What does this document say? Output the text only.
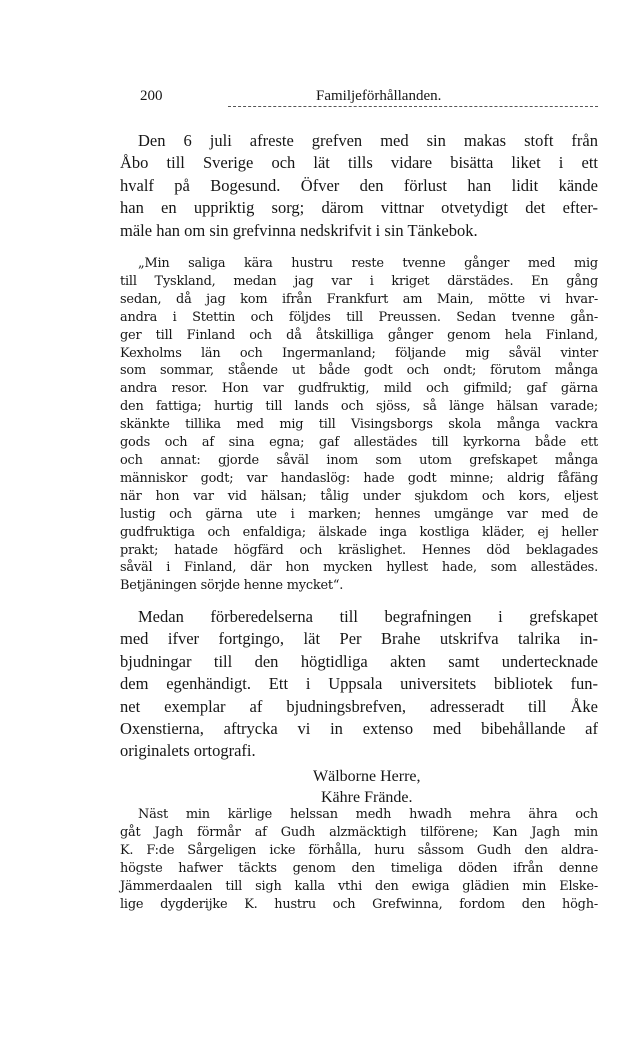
200	Familjeförhållanden.

Den 6 juli afreste grefven med sin makas stoft från
Åbo till Sverige och lät tills vidare bisätta liket i ett
hvalf på Bogesund. Öfver den förlust han lidit kände
han en uppriktig sorg; därom vittnar otvetydigt det efter-
mäle han om sin grefvinna nedskrifvit i sin Tänkebok.

„Min saliga kära hustru reste tvenne gånger med mig
till Tyskland, medan jag var i kriget därstädes. En gång
sedan, då jag kom ifrån Frankfurt am Main, mötte vi hvar-
andra i Stettin och följdes till Preussen. Sedan tvenne gån-
ger till Finland och då åtskilliga gånger genom hela Finland,
Kexholms län och Ingermanland; följande mig såväl vinter
som sommar, stående ut både godt och ondt; förutom många
andra resor. Hon var gudfruktig, mild och gifmild; gaf gärna
den fattiga; hurtig till lands och sjöss, så länge hälsan varade;
skänkte tillika med mig till Visingsborgs skola många vackra
gods och af sina egna; gaf allestädes till kyrkorna både ett
och annat: gjorde såväl inom som utom grefskapet många
människor godt; var handaslög: hade godt minne; aldrig fåfäng
när hon var vid hälsan; tålig under sjukdom och kors, eljest
lustig och gärna ute i marken; hennes umgänge var med de
gudfruktiga och enfaldiga; älskade inga kostliga kläder, ej heller
prakt; hatade högfärd och kräslighet. Hennes död beklagades
såväl i Finland, där hon mycken hyllest hade, som allestädes.
Betjäningen sörjde henne mycket“.

Medan förberedelserna till begrafningen i grefskapet
med ifver fortgingo, lät Per Brahe utskrifva talrika in-
bjudningar till den högtidliga akten samt undertecknade
dem egenhändigt. Ett i Uppsala universitets bibliotek fun-
net exemplar af bjudningsbrefven, adresseradt till Åke
Oxenstierna, aftrycka vi in extenso med bibehållande af
originalets ortografi.

Wälborne Herre,
Kähre Frände.

Näst min kärlige helssan medh hwadh mehra ähra och
gåt Jagh förmår af Gudh alzmäcktigh tilförene; Kan Jagh min
K. F:de Sårgeligen icke förhålla, huru såssom Gudh den aldra-
högste hafwer täckts genom den timeliga döden ifrån denne
Jämmerdaalen till sigh kalla vthi den ewiga glädien min Elske-
lige dygderijke K. hustru och Grefwinna, fordom den högh-
